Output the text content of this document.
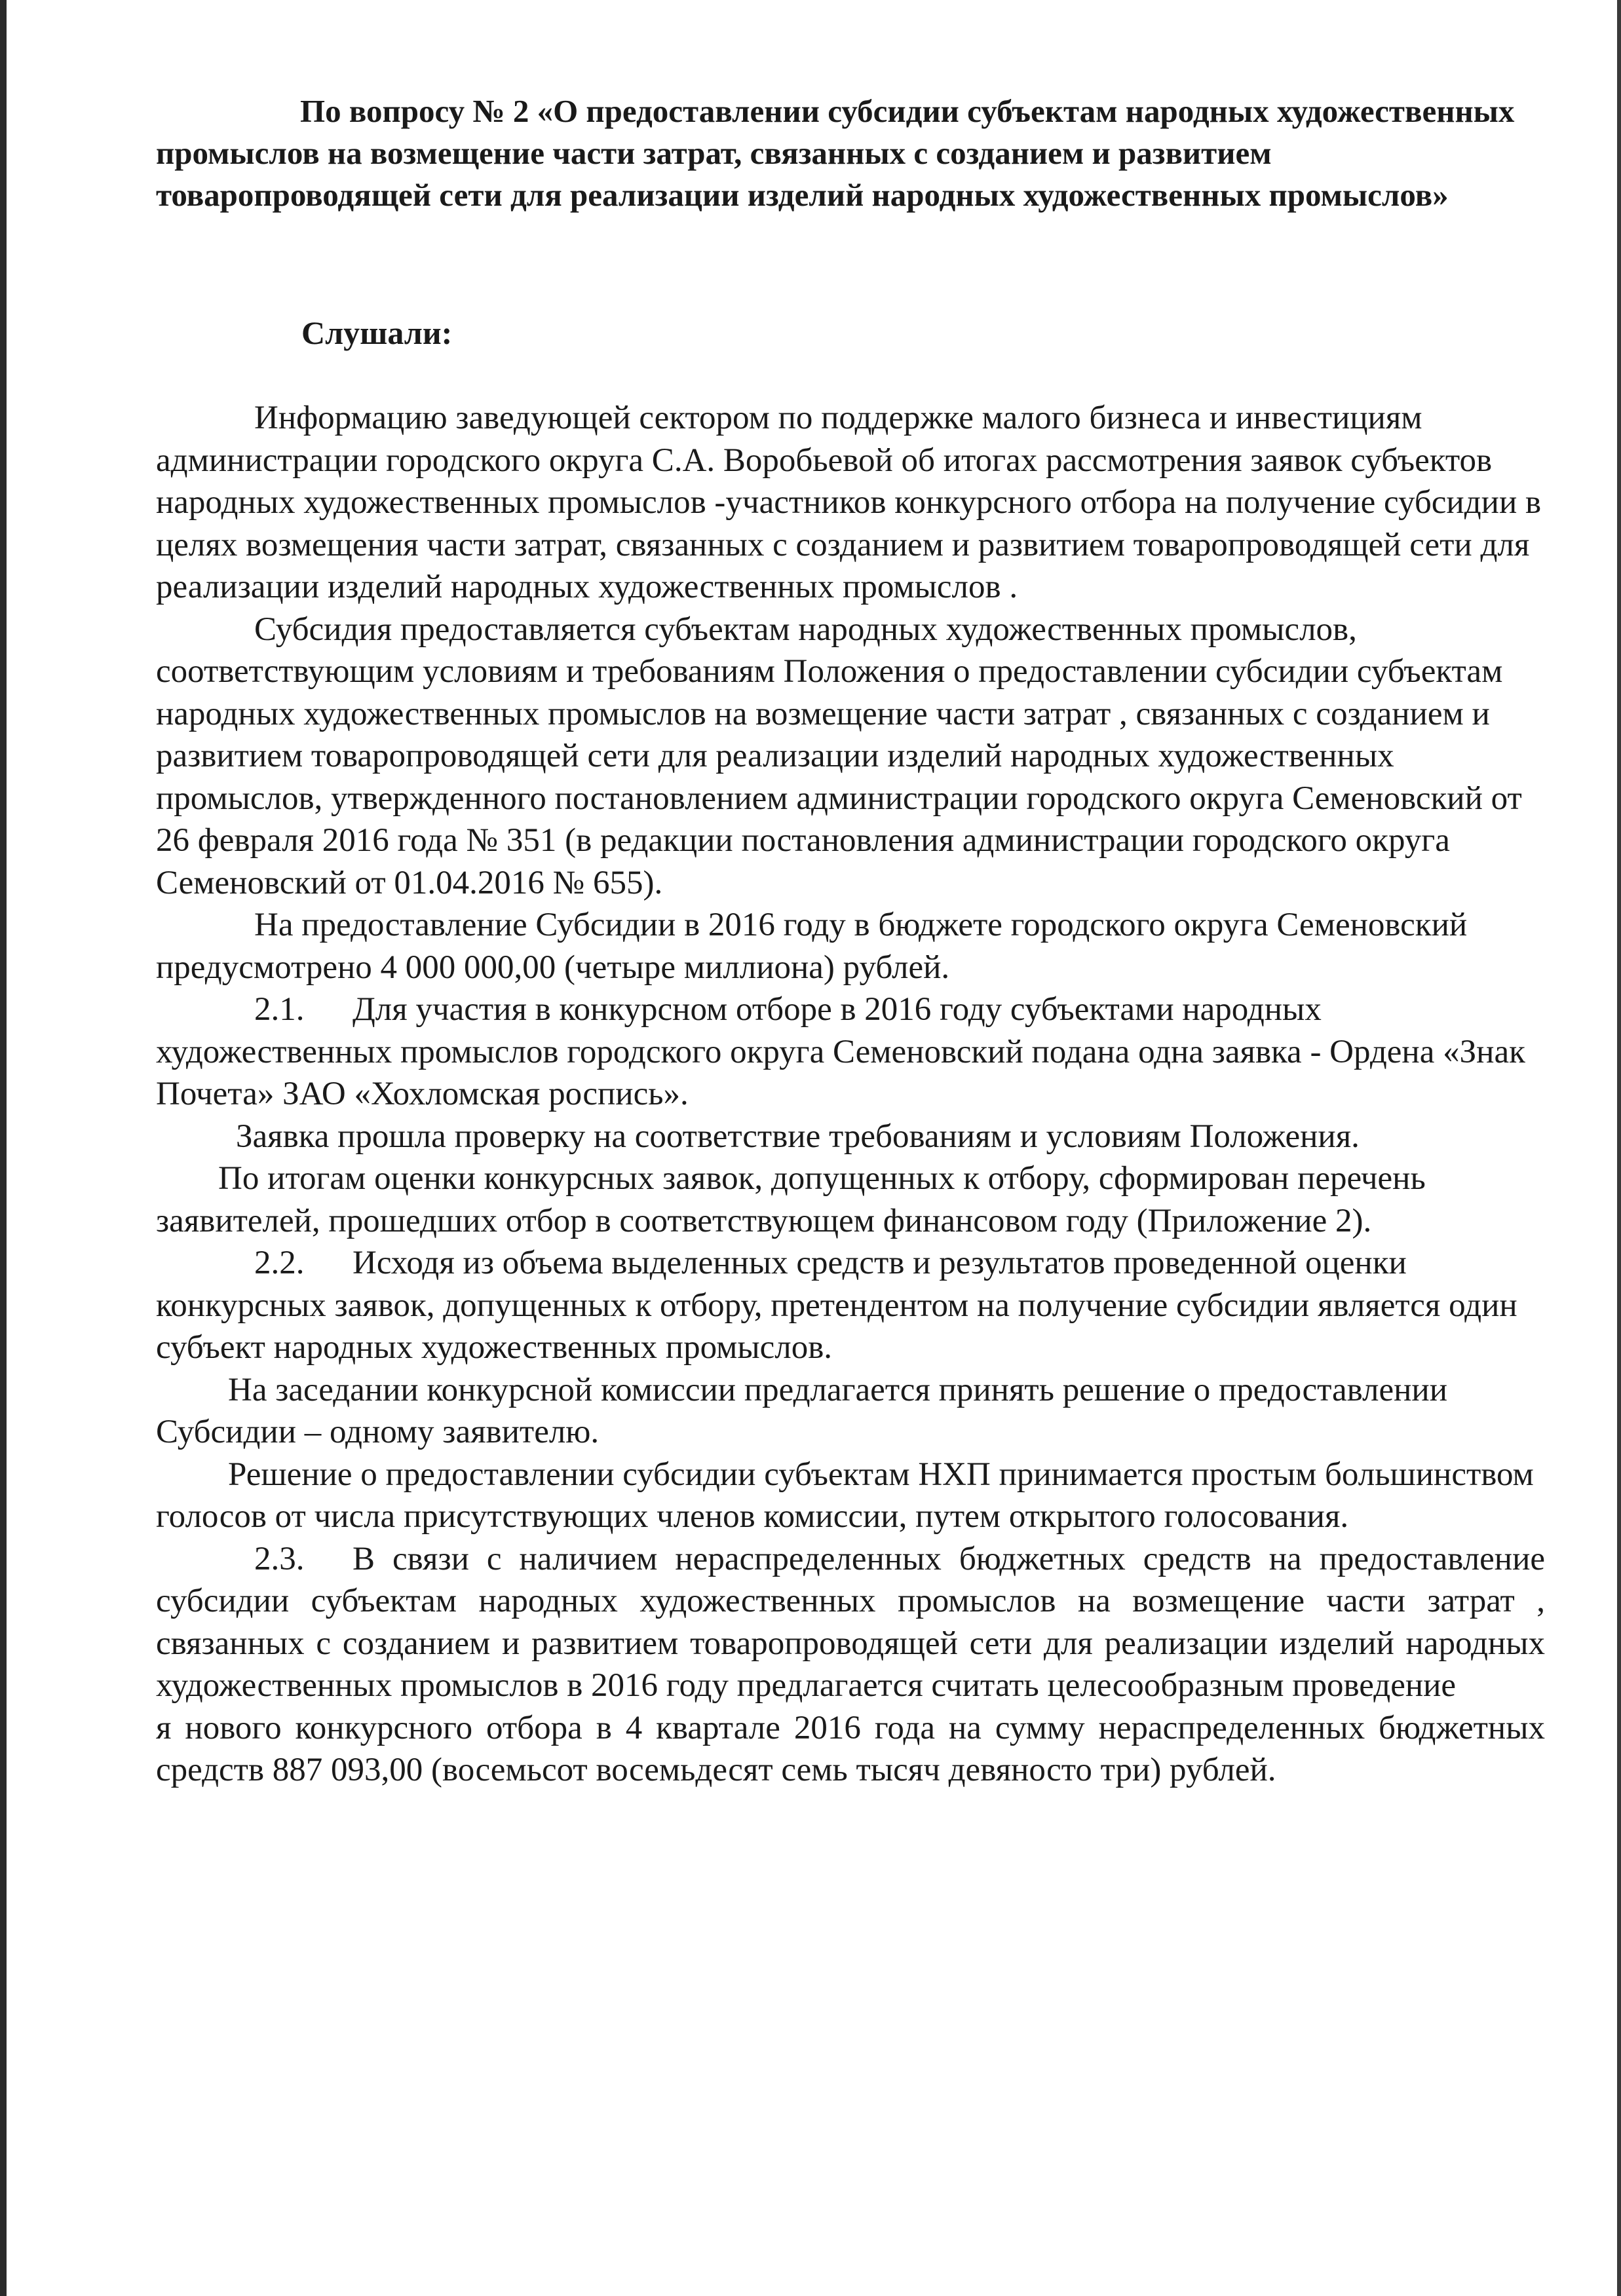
По вопросу № 2 «О предоставлении субсидии субъектам народных художественных промыслов на возмещение части затрат, связанных с созданием и развитием товаропроводящей сети для реализации изделий народных художественных промыслов»

Слушали:

Информацию заведующей сектором по поддержке малого бизнеса и инвестициям администрации городского округа С.А. Воробьевой об итогах рассмотрения заявок субъектов народных художественных промыслов -участников конкурсного отбора на получение субсидии в целях возмещения части затрат, связанных с созданием и развитием товаропроводящей сети для реализации изделий народных художественных промыслов .

Субсидия предоставляется субъектам народных художественных промыслов, соответствующим условиям и требованиям Положения о предоставлении субсидии субъектам народных художественных промыслов на возмещение части затрат , связанных с созданием и развитием товаропроводящей сети для реализации изделий народных художественных промыслов, утвержденного постановлением администрации городского округа Семеновский от 26 февраля 2016 года № 351 (в редакции постановления администрации городского округа Семеновский от 01.04.2016 № 655).

На предоставление Субсидии в 2016 году в бюджете городского округа Семеновский предусмотрено 4 000 000,00 (четыре миллиона) рублей.

2.1. Для участия в конкурсном отборе в 2016 году субъектами народных художественных промыслов городского округа Семеновский подана одна заявка - Ордена «Знак Почета» ЗАО «Хохломская роспись».

Заявка прошла проверку на соответствие требованиям и условиям Положения.

По итогам оценки конкурсных заявок, допущенных к отбору, сформирован перечень заявителей, прошедших отбор в соответствующем финансовом году (Приложение 2).

2.2. Исходя из объема выделенных средств и результатов проведенной оценки конкурсных заявок, допущенных к отбору, претендентом на получение субсидии является один субъект народных художественных промыслов.

На заседании конкурсной комиссии предлагается принять решение о предоставлении Субсидии – одному заявителю.

Решение о предоставлении субсидии субъектам НХП принимается простым большинством голосов от числа присутствующих членов комиссии, путем открытого голосования.

2.3. В связи с наличием нераспределенных бюджетных средств на предоставление субсидии субъектам народных художественных промыслов на возмещение части затрат , связанных с созданием и развитием товаропроводящей сети для реализации изделий народных художественных промыслов в 2016 году предлагается считать целесообразным проведение

я нового конкурсного отбора в 4 квартале 2016 года на сумму нераспределенных бюджетных средств 887 093,00 (восемьсот восемьдесят семь тысяч девяносто три) рублей.
